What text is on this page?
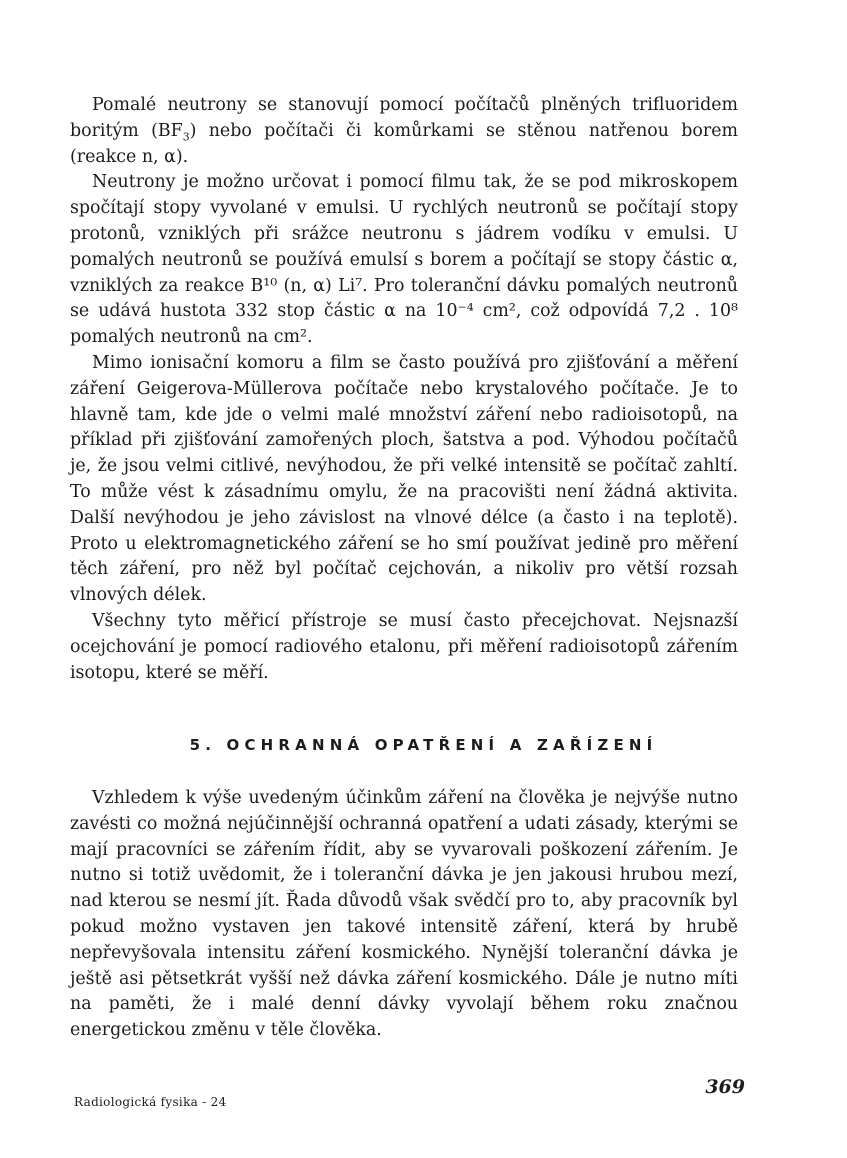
Pomalé neutrony se stanovují pomocí počítačů plněných trifluoridem boritým $(BF_3)$ nebo počítači či komůrkami se stěnou natřenou borem (reakce n, α).

Neutrony je možno určovat i pomocí filmu tak, že se pod mikroskopem spočítají stopy vyvolané v emulsi. U rychlých neutronů se počítají stopy protonů, vzniklých při srážce neutronu s jádrem vodíku v emulsi. U pomalých neutronů se používá emulsí s borem a počítají se stopy částic α, vzniklých za reakce B¹⁰ (n, α) Li⁷. Pro toleranční dávku pomalých neutronů se udává hustota 332 stop částic α na 10⁻⁴ cm², což odpovídá 7,2 . 10⁸ pomalých neutronů na cm².

Mimo ionisační komoru a film se často používá pro zjišťování a měření záření Geigerova-Müllerova počítače nebo krystalového počítače. Je to hlavně tam, kde jde o velmi malé množství záření nebo radioisotopů, na příklad při zjišťování zamořených ploch, šatstva a pod. Výhodou počítačů je, že jsou velmi citlivé, nevýhodou, že při velké intensitě se počítač zahltí. To může vést k zásadnímu omylu, že na pracovišti není žádná aktivita. Další nevýhodou je jeho závislost na vlnové délce (a často i na teplotě). Proto u elektromagnetického záření se ho smí používat jedině pro měření těch záření, pro něž byl počítač cejchován, a nikoliv pro větší rozsah vlnových délek.

Všechny tyto měřicí přístroje se musí často přecejchovat. Nejsnazší ocejchování je pomocí radiového etalonu, při měření radioisotopů zářením isotopu, které se měří.

5. OCHRANNÁ OPATŘENÍ A ZAŘÍZENÍ

Vzhledem k výše uvedeným účinkům záření na člověka je nejvýše nutno zavésti co možná nejúčinnější ochranná opatření a udati zásady, kterými se mají pracovníci se zářením řídit, aby se vyvarovali poškození zářením. Je nutno si totiž uvědomit, že i toleranční dávka je jen jakousi hrubou mezí, nad kterou se nesmí jít. Řada důvodů však svědčí pro to, aby pracovník byl pokud možno vystaven jen takové intensitě záření, která by hrubě nepřevyšovala intensitu záření kosmického. Nynější toleranční dávka je ještě asi pětsetkrát vyšší než dávka záření kosmického. Dále je nutno míti na paměti, že i malé denní dávky vyvolají během roku značnou energetickou změnu v těle člověka.

Radiologická fysika - 24
369
